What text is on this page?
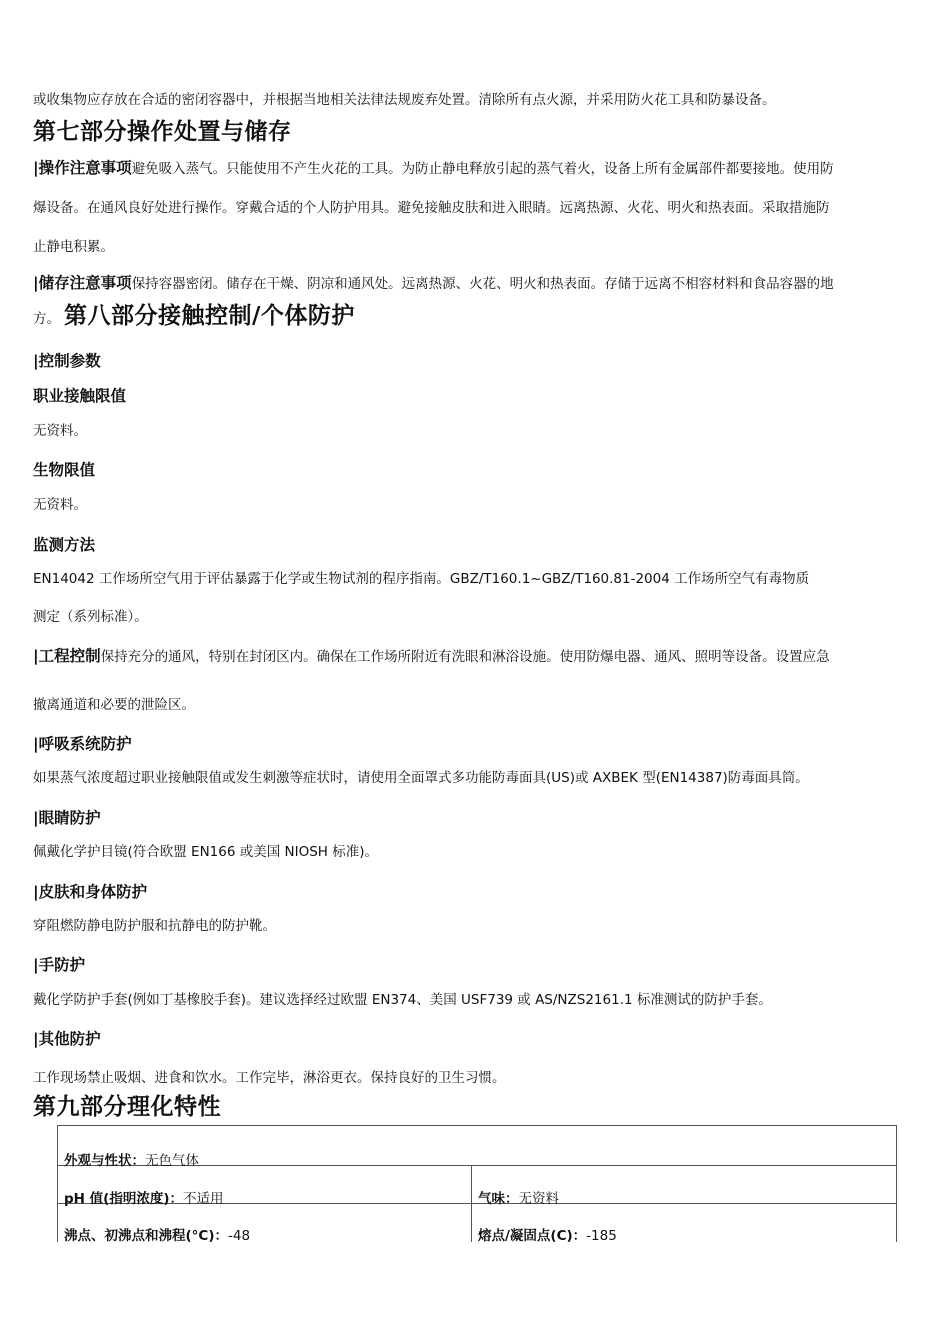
或收集物应存放在合适的密闭容器中，并根据当地相关法律法规废弃处置。清除所有点火源，并采用防火花工具和防暴设备。
第七部分操作处置与储存
|操作注意事项避免吸入蒸气。只能使用不产生火花的工具。为防止静电释放引起的蒸气着火，设备上所有金属部件都要接地。使用防
爆设备。在通风良好处进行操作。穿戴合适的个人防护用具。避免接触皮肤和进入眼睛。远离热源、火花、明火和热表面。采取措施防
止静电积累。
|储存注意事项保持容器密闭。储存在干燥、阴凉和通风处。远离热源、火花、明火和热表面。存储于远离不相容材料和食品容器的地
方。 第八部分接触控制/个体防护
|控制参数
职业接触限值
无资料。
生物限值
无资料。
监测方法
EN14042 工作场所空气用于评估暴露于化学或生物试剂的程序指南。GBZ/T160.1~GBZ/T160.81-2004 工作场所空气有毒物质
测定（系列标准）。
|工程控制保持充分的通风，特别在封闭区内。确保在工作场所附近有洗眼和淋浴设施。使用防爆电器、通风、照明等设备。设置应急
撤离通道和必要的泄险区。
|呼吸系统防护
如果蒸气浓度超过职业接触限值或发生刺激等症状时，请使用全面罩式多功能防毒面具(US)或 AXBEK 型(EN14387)防毒面具筒。
|眼睛防护
佩戴化学护目镜(符合欧盟 EN166 或美国 NIOSH 标准)。
|皮肤和身体防护
穿阻燃防静电防护服和抗静电的防护靴。
|手防护
戴化学防护手套(例如丁基橡胶手套)。建议选择经过欧盟 EN374、美国 USF739 或 AS/NZS2161.1 标准测试的防护手套。
|其他防护
工作现场禁止吸烟、进食和饮水。工作完毕，淋浴更衣。保持良好的卫生习惯。
第九部分理化特性
外观与性状：无色气体
pH 值(指明浓度)：不适用	气味：无资料
沸点、初沸点和沸程(°C)：-48	熔点/凝固点(C)：-185
